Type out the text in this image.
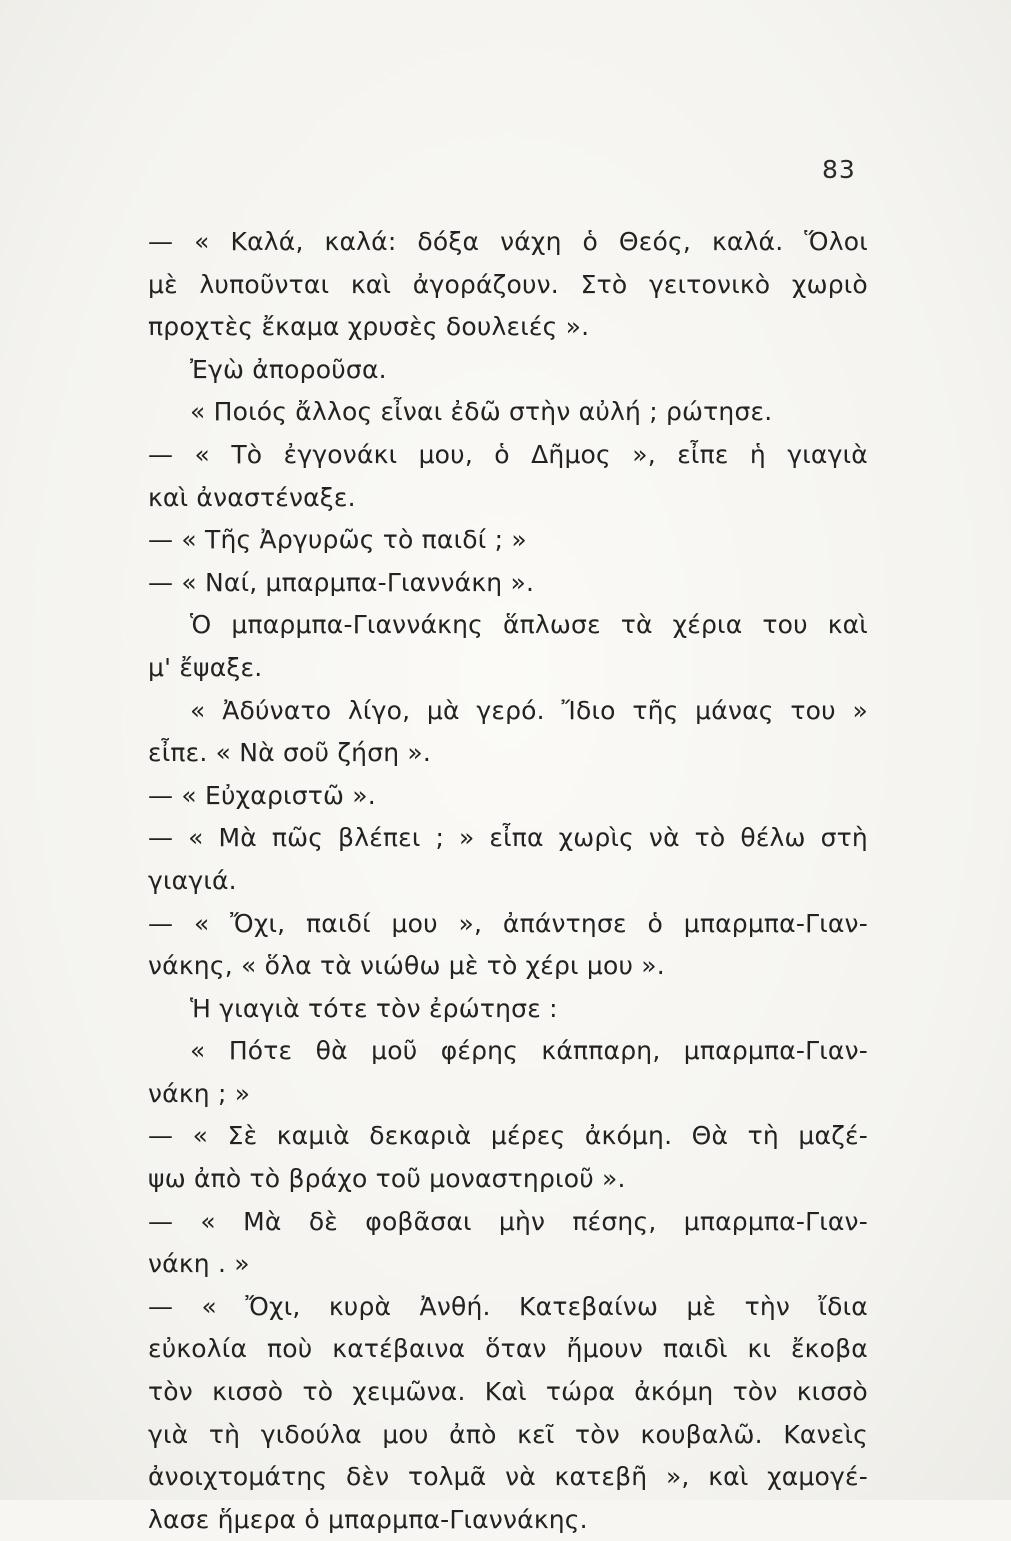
83
— « Καλά, καλά: δόξα νάχη ὁ Θεός, καλά. Ὅλοι
μὲ λυποῦνται καὶ ἀγοράζουν. Στὸ γειτονικὸ χωριὸ
προχτὲς ἔκαμα χρυσὲς δουλειές ».
Ἐγὼ ἀποροῦσα.
« Ποιός ἄλλος εἶναι ἐδῶ στὴν αὐλή ; ρώτησε.
— « Τὸ ἐγγονάκι μου, ὁ Δῆμος », εἶπε ἡ γιαγιὰ
καὶ ἀναστέναξε.
— « Τῆς Ἀργυρῶς τὸ παιδί ; »
— « Ναί, μπαρμπα-Γιαννάκη ».
Ὁ μπαρμπα-Γιαννάκης ἅπλωσε τὰ χέρια του καὶ
μ' ἔψαξε.
« Ἀδύνατο λίγο, μὰ γερό. Ἴδιο τῆς μάνας του »
εἶπε. « Νὰ σοῦ ζήση ».
— « Εὐχαριστῶ ».
— « Μὰ πῶς βλέπει ; » εἶπα χωρὶς νὰ τὸ θέλω στὴ
γιαγιά.
— « Ὄχι, παιδί μου », ἀπάντησε ὁ μπαρμπα-Γιαν-
νάκης, « ὅλα τὰ νιώθω μὲ τὸ χέρι μου ».
Ἡ γιαγιὰ τότε τὸν ἐρώτησε :
« Πότε θὰ μοῦ φέρης κάππαρη, μπαρμπα-Γιαν-
νάκη ; »
— « Σὲ καμιὰ δεκαριὰ μέρες ἀκόμη. Θὰ τὴ μαζέ-
ψω ἀπὸ τὸ βράχο τοῦ μοναστηριοῦ ».
— « Μὰ δὲ φοβᾶσαι μὴν πέσης, μπαρμπα-Γιαν-
νάκη . »
— « Ὄχι, κυρὰ Ἀνθή. Κατεβαίνω μὲ τὴν ἴδια
εὐκολία ποὺ κατέβαινα ὅταν ἤμουν παιδὶ κι ἔκοβα
τὸν κισσὸ τὸ χειμῶνα. Καὶ τώρα ἀκόμη τὸν κισσὸ
γιὰ τὴ γιδούλα μου ἀπὸ κεῖ τὸν κουβαλῶ. Κανεὶς
ἀνοιχτομάτης δὲν τολμᾶ νὰ κατεβῆ », καὶ χαμογέ-
λασε ἥμερα ὁ μπαρμπα-Γιαννάκης.
